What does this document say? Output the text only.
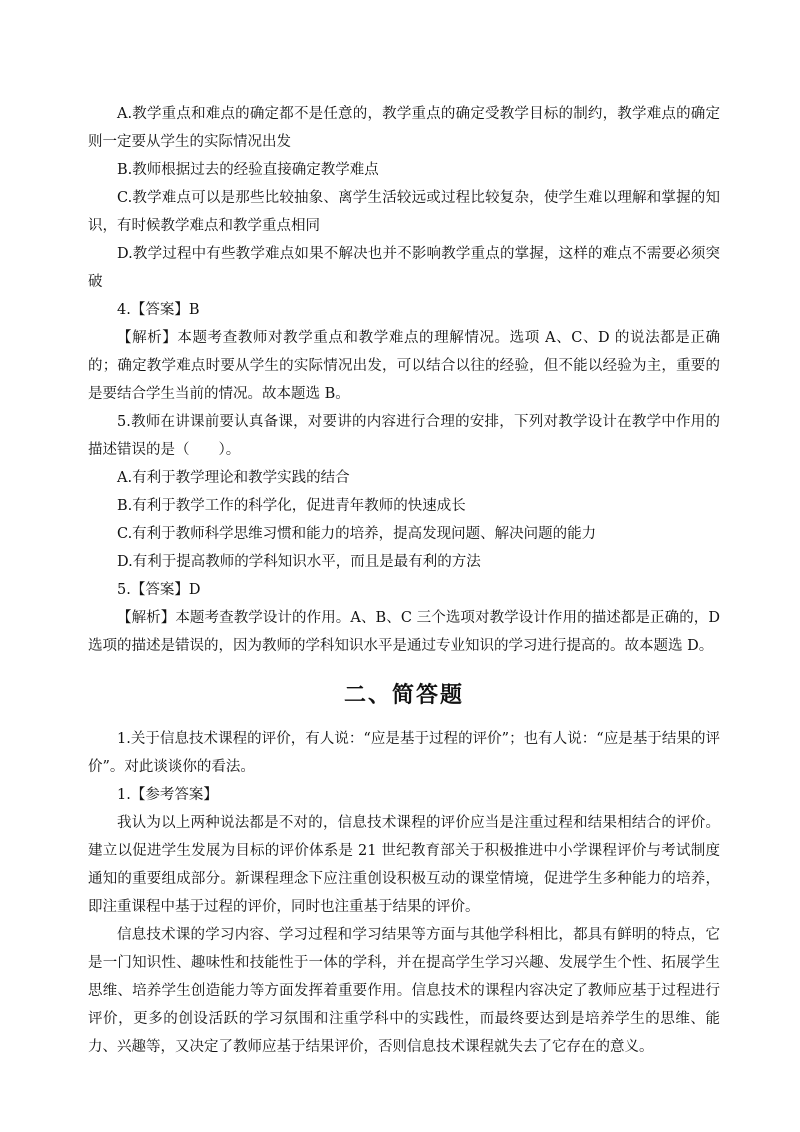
A.教学重点和难点的确定都不是任意的，教学重点的确定受教学目标的制约，教学难点的确定则一定要从学生的实际情况出发

B.教师根据过去的经验直接确定教学难点

C.教学难点可以是那些比较抽象、离学生活较远或过程比较复杂，使学生难以理解和掌握的知识，有时候教学难点和教学重点相同

D.教学过程中有些教学难点如果不解决也并不影响教学重点的掌握，这样的难点不需要必须突破

4.【答案】B

【解析】本题考查教师对教学重点和教学难点的理解情况。选项 A、C、D 的说法都是正确的；确定教学难点时要从学生的实际情况出发，可以结合以往的经验，但不能以经验为主，重要的是要结合学生当前的情况。故本题选 B。

5.教师在讲课前要认真备课，对要讲的内容进行合理的安排，下列对教学设计在教学中作用的描述错误的是（　　）。

A.有利于教学理论和教学实践的结合

B.有利于教学工作的科学化，促进青年教师的快速成长

C.有利于教师科学思维习惯和能力的培养，提高发现问题、解决问题的能力

D.有利于提高教师的学科知识水平，而且是最有利的方法

5.【答案】D

【解析】本题考查教学设计的作用。A、B、C 三个选项对教学设计作用的描述都是正确的，D 选项的描述是错误的，因为教师的学科知识水平是通过专业知识的学习进行提高的。故本题选 D。

二、简答题

1.关于信息技术课程的评价，有人说：“应是基于过程的评价”；也有人说：“应是基于结果的评价”。对此谈谈你的看法。

1.【参考答案】

我认为以上两种说法都是不对的，信息技术课程的评价应当是注重过程和结果相结合的评价。建立以促进学生发展为目标的评价体系是 21 世纪教育部关于积极推进中小学课程评价与考试制度通知的重要组成部分。新课程理念下应注重创设积极互动的课堂情境，促进学生多种能力的培养，即注重课程中基于过程的评价，同时也注重基于结果的评价。

信息技术课的学习内容、学习过程和学习结果等方面与其他学科相比，都具有鲜明的特点，它是一门知识性、趣味性和技能性于一体的学科，并在提高学生学习兴趣、发展学生个性、拓展学生思维、培养学生创造能力等方面发挥着重要作用。信息技术的课程内容决定了教师应基于过程进行评价，更多的创设活跃的学习氛围和注重学科中的实践性，而最终要达到是培养学生的思维、能力、兴趣等，又决定了教师应基于结果评价，否则信息技术课程就失去了它存在的意义。
